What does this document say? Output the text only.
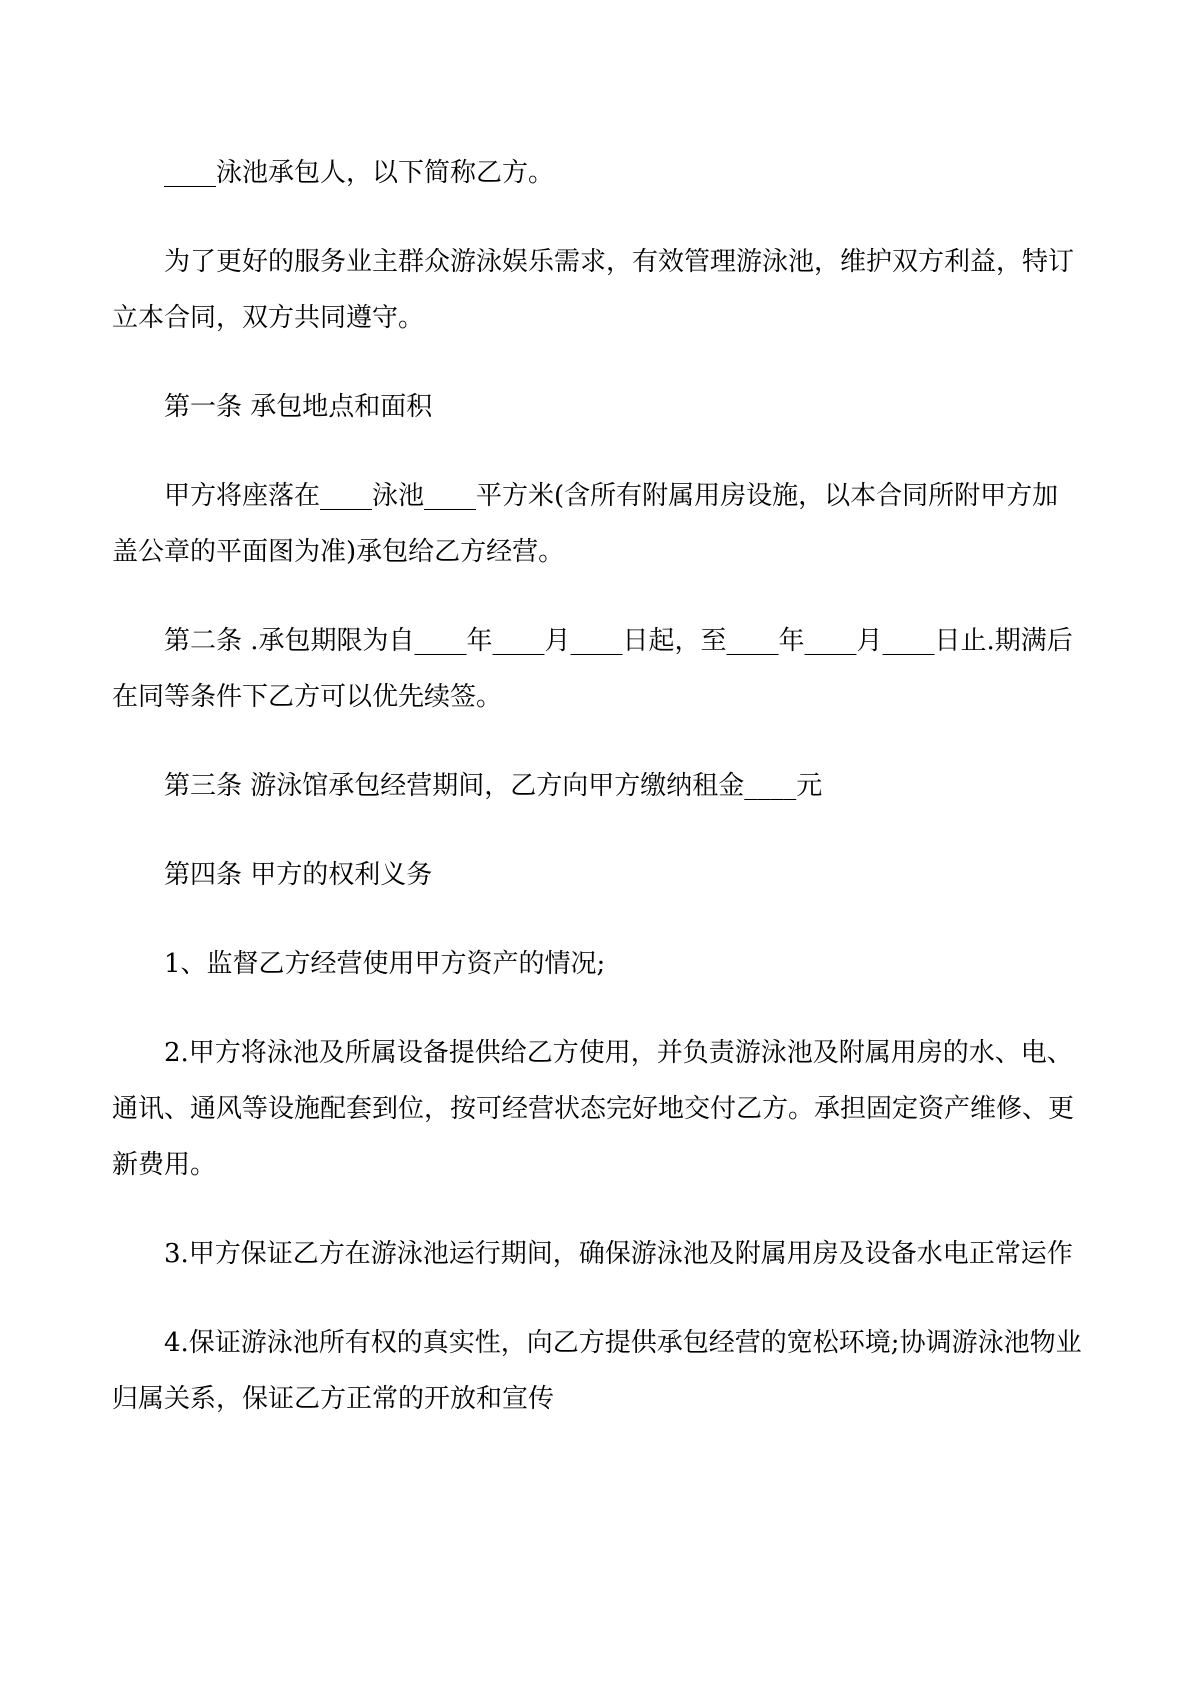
____泳池承包人，以下简称乙方。

为了更好的服务业主群众游泳娱乐需求，有效管理游泳池，维护双方利益，特订立本合同，双方共同遵守。

第一条 承包地点和面积

甲方将座落在____泳池____平方米(含所有附属用房设施，以本合同所附甲方加盖公章的平面图为准)承包给乙方经营。

第二条 .承包期限为自____年____月____日起，至____年____月____日止.期满后在同等条件下乙方可以优先续签。

第三条 游泳馆承包经营期间，乙方向甲方缴纳租金____元

第四条 甲方的权利义务

1、监督乙方经营使用甲方资产的情况;

2.甲方将泳池及所属设备提供给乙方使用，并负责游泳池及附属用房的水、电、通讯、通风等设施配套到位，按可经营状态完好地交付乙方。承担固定资产维修、更新费用。

3.甲方保证乙方在游泳池运行期间，确保游泳池及附属用房及设备水电正常运作

4.保证游泳池所有权的真实性，向乙方提供承包经营的宽松环境;协调游泳池物业归属关系，保证乙方正常的开放和宣传
